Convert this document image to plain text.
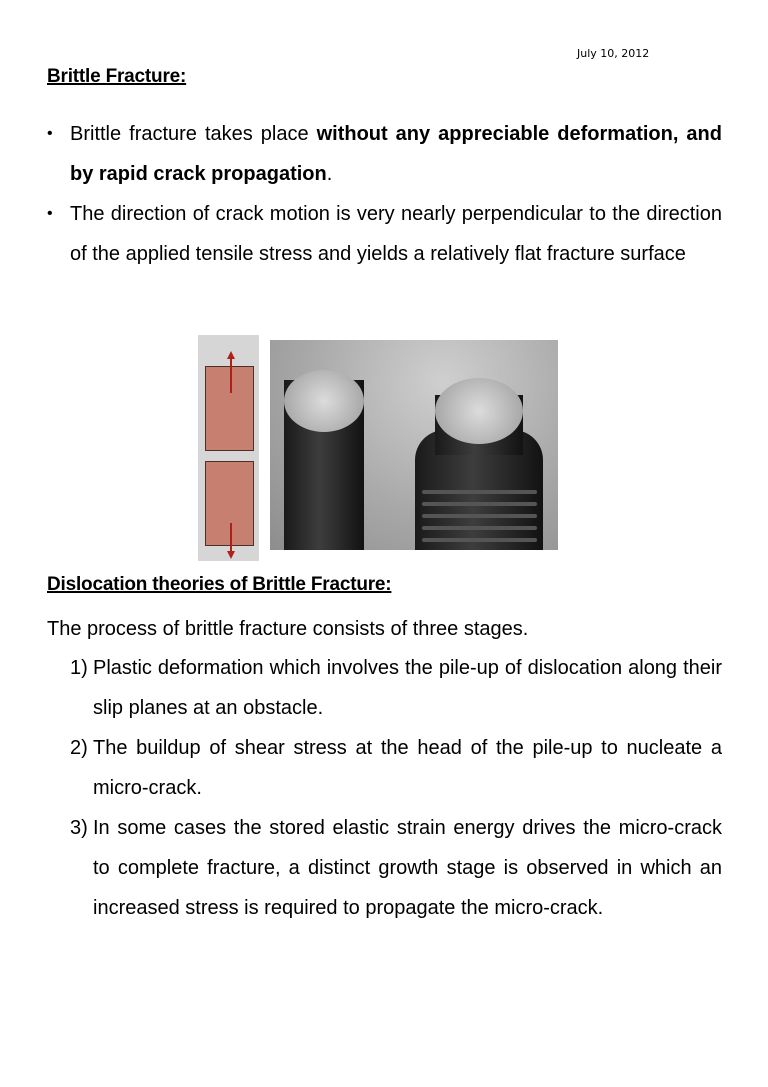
July 10, 2012
Brittle Fracture:
• Brittle fracture takes place without any appreciable deformation, and by rapid crack propagation.
• The direction of crack motion is very nearly perpendicular to the direction of the applied tensile stress and yields a relatively flat fracture surface
Dislocation theories of Brittle Fracture:
The process of brittle fracture consists of three stages.
1) Plastic deformation which involves the pile-up of dislocation along their slip planes at an obstacle.
2) The buildup of shear stress at the head of the pile-up to nucleate a micro-crack.
3) In some cases the stored elastic strain energy drives the micro-crack to complete fracture, a distinct growth stage is observed in which an increased stress is required to propagate the micro-crack.
